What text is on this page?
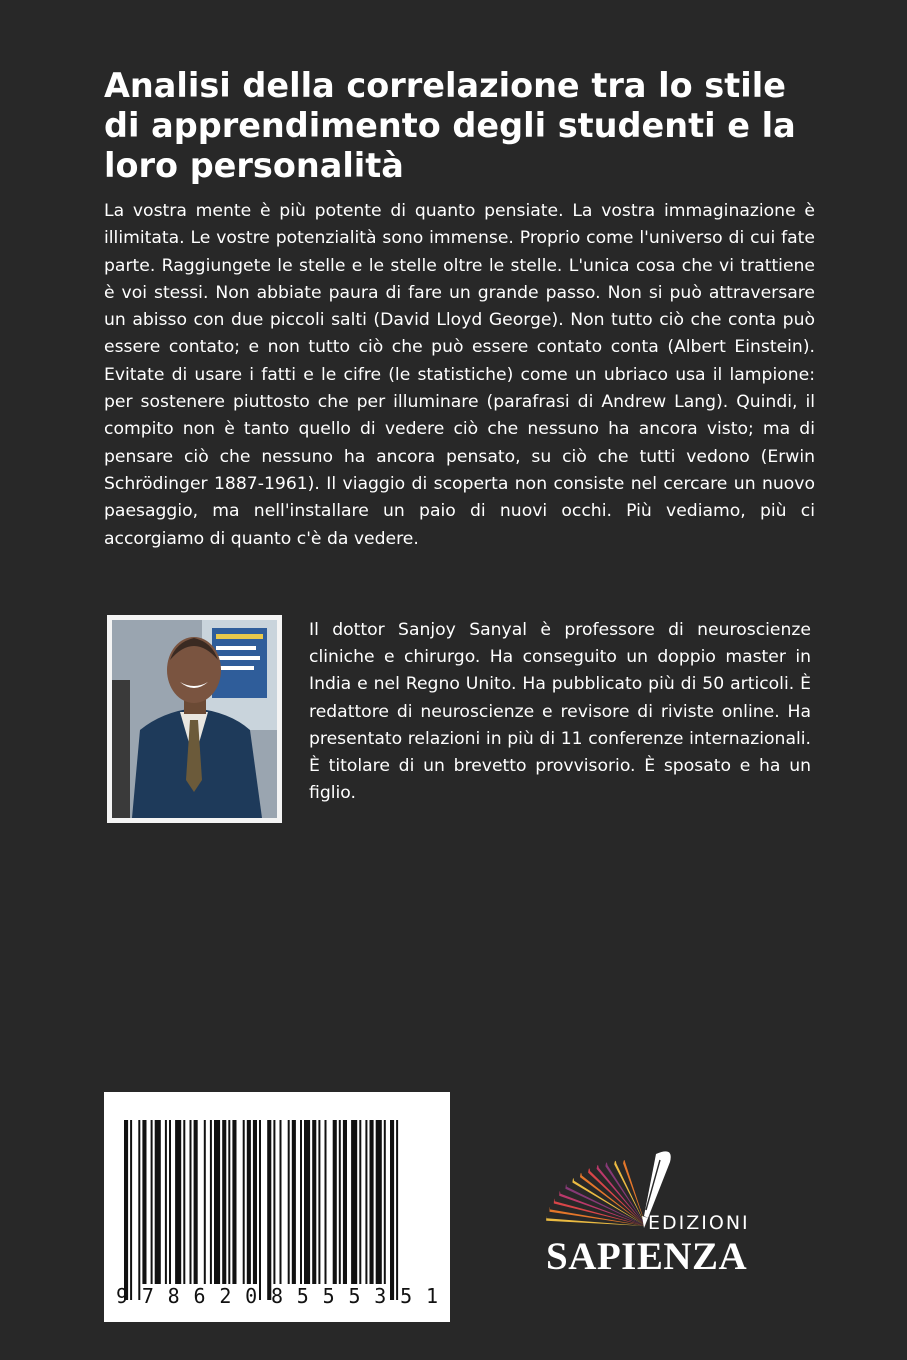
Analisi della correlazione tra lo stile di apprendimento degli studenti e la loro personalità

La vostra mente è più potente di quanto pensiate. La vostra immaginazione è illimitata. Le vostre potenzialità sono immense. Proprio come l'universo di cui fate parte. Raggiungete le stelle e le stelle oltre le stelle. L'unica cosa che vi trattiene è voi stessi. Non abbiate paura di fare un grande passo. Non si può attraversare un abisso con due piccoli salti (David Lloyd George). Non tutto ciò che conta può essere contato; e non tutto ciò che può essere contato conta (Albert Einstein). Evitate di usare i fatti e le cifre (le statistiche) come un ubriaco usa il lampione: per sostenere piuttosto che per illuminare (parafrasi di Andrew Lang). Quindi, il compito non è tanto quello di vedere ciò che nessuno ha ancora visto; ma di pensare ciò che nessuno ha ancora pensato, su ciò che tutti vedono (Erwin Schrödinger 1887-1961). Il viaggio di scoperta non consiste nel cercare un nuovo paesaggio, ma nell'installare un paio di nuovi occhi. Più vediamo, più ci accorgiamo di quanto c'è da vedere.

Il dottor Sanjoy Sanyal è professore di neuroscienze cliniche e chirurgo. Ha conseguito un doppio master in India e nel Regno Unito. Ha pubblicato più di 50 articoli. È redattore di neuroscienze e revisore di riviste online. Ha presentato relazioni in più di 11 conferenze internazionali. È titolare di un brevetto provvisorio. È sposato e ha un figlio.

9 7 8 6 2 0 8 5 5 5 3 5 1
EDIZIONI
SAPIENZA
